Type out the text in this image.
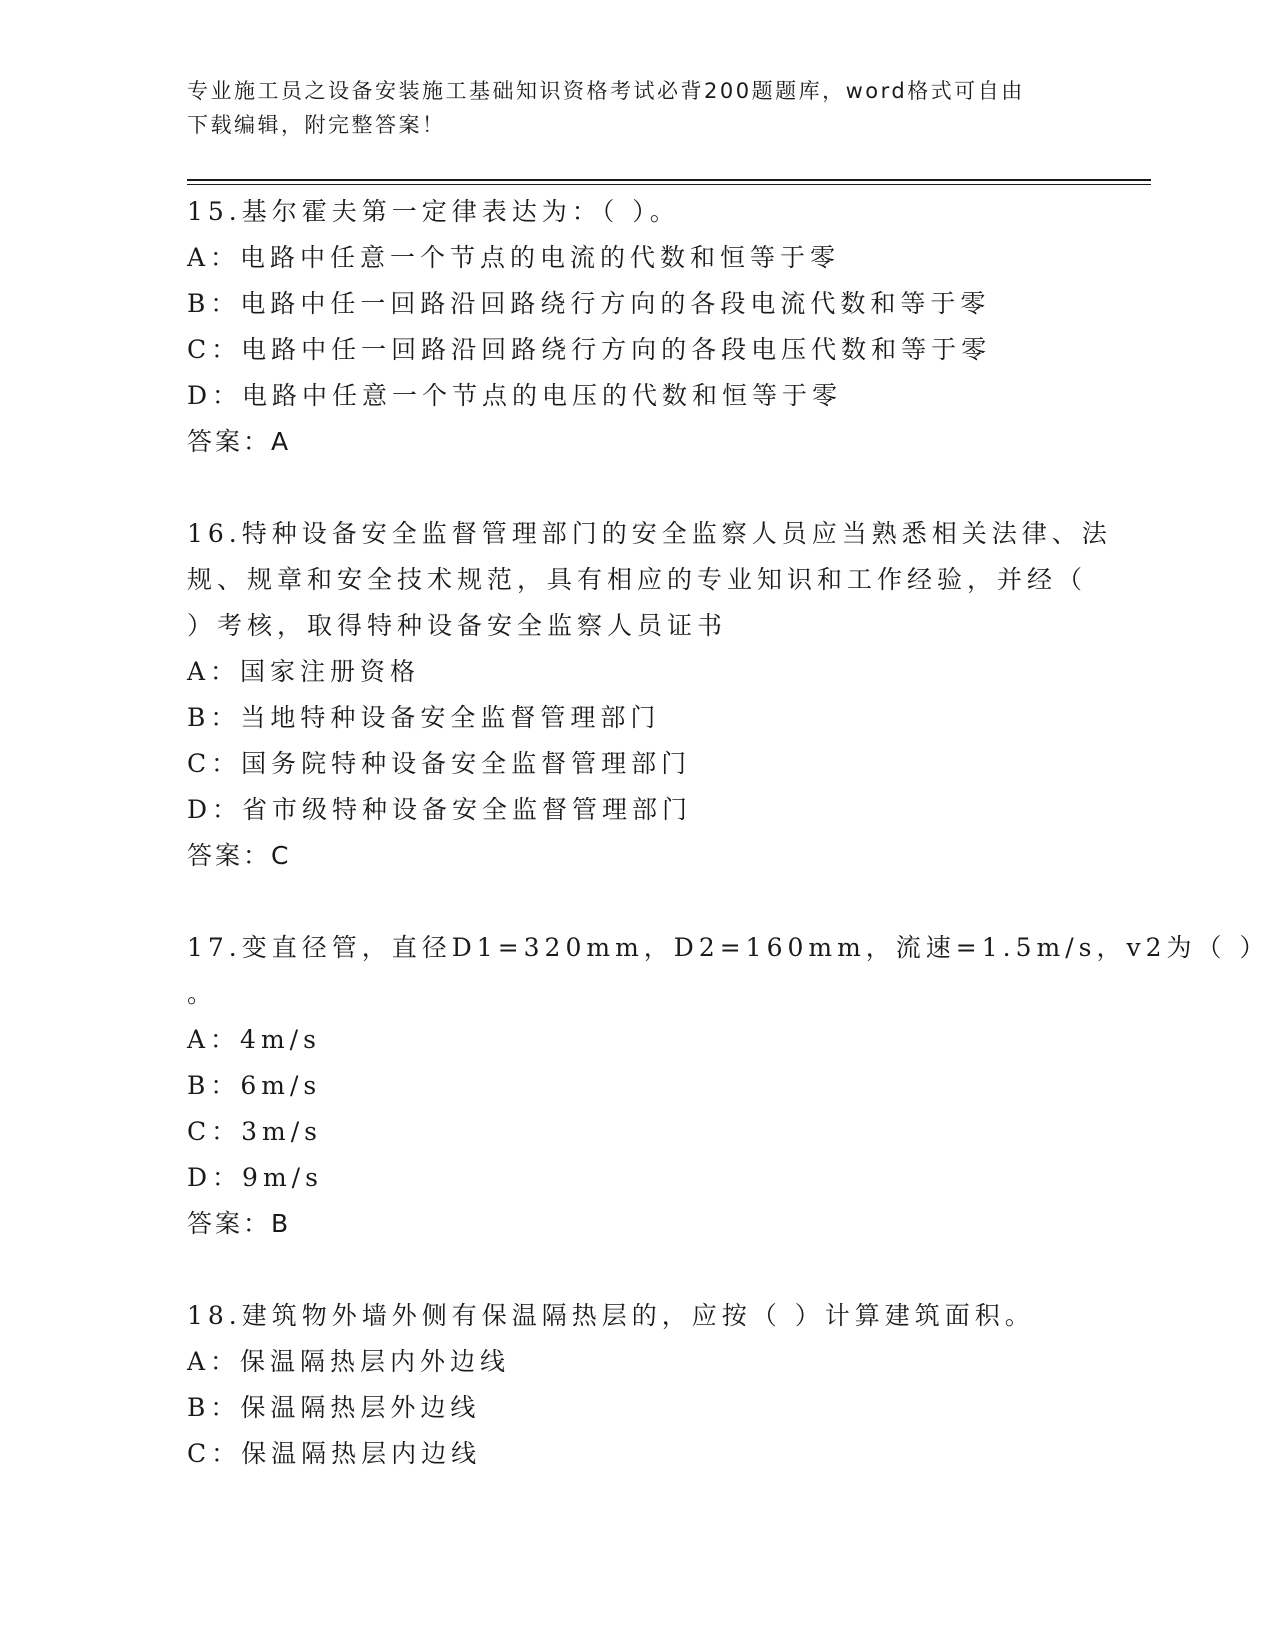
专业施工员之设备安装施工基础知识资格考试必背200题题库，word格式可自由
下载编辑，附完整答案！
15.基尔霍夫第一定律表达为：（ ）。
A：电路中任意一个节点的电流的代数和恒等于零
B：电路中任一回路沿回路绕行方向的各段电流代数和等于零
C：电路中任一回路沿回路绕行方向的各段电压代数和等于零
D：电路中任意一个节点的电压的代数和恒等于零
答案：A
16.特种设备安全监督管理部门的安全监察人员应当熟悉相关法律、法
规、规章和安全技术规范，具有相应的专业知识和工作经验，并经（
）考核，取得特种设备安全监察人员证书
A：国家注册资格
B：当地特种设备安全监督管理部门
C：国务院特种设备安全监督管理部门
D：省市级特种设备安全监督管理部门
答案：C
17.变直径管，直径D1=320mm，D2=160mm，流速=1.5m/s，v2为（ ）
。
A：4m/s
B：6m/s
C：3m/s
D：9m/s
答案：B
18.建筑物外墙外侧有保温隔热层的，应按（ ）计算建筑面积。
A：保温隔热层内外边线
B：保温隔热层外边线
C：保温隔热层内边线
